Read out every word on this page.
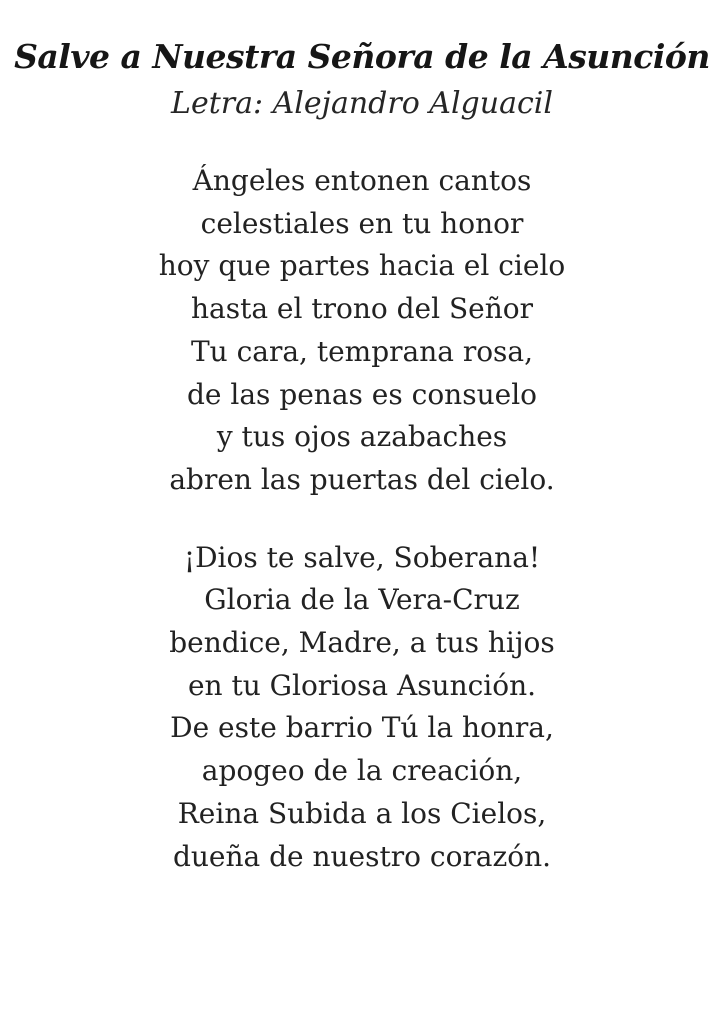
Salve a Nuestra Señora de la Asunción
Letra: Alejandro Alguacil

Ángeles entonen cantos

celestiales en tu honor

hoy que partes hacia el cielo

hasta el trono del Señor

Tu cara, temprana rosa,

de las penas es consuelo

y tus ojos azabaches

abren las puertas del cielo.

¡Dios te salve, Soberana!

Gloria de la Vera-Cruz

bendice, Madre, a tus hijos

en tu Gloriosa Asunción.

De este barrio Tú la honra,

apogeo de la creación,

Reina Subida a los Cielos,

dueña de nuestro corazón.
